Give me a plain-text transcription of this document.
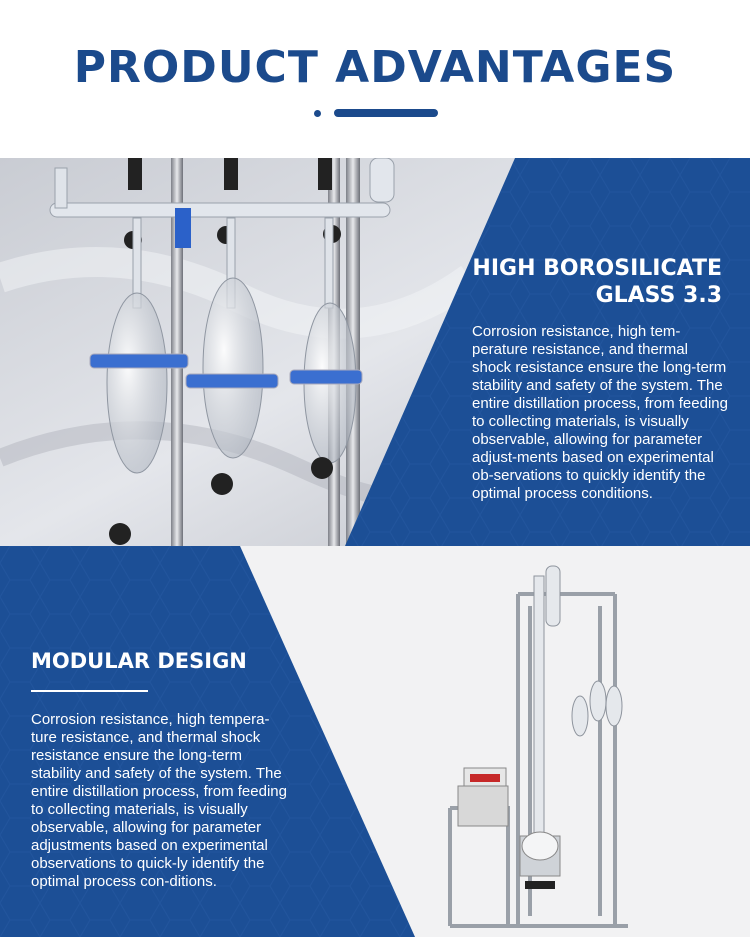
PRODUCT ADVANTAGES
HIGH BOROSILICATE
GLASS 3.3
Corrosion resistance, high tem-perature resistance, and thermal shock resistance ensure the long-term stability and safety of the system. The entire distillation process, from feeding to collecting materials, is visually observable, allowing for parameter adjust-ments based on experimental ob-servations to quickly identify the optimal process conditions.
MODULAR DESIGN
Corrosion resistance, high tempera-ture resistance, and thermal shock resistance ensure the long-term stability and safety of the system. The entire distillation process, from feeding to collecting materials, is visually observable, allowing for parameter adjustments based on experimental observations to quick-ly identify the optimal process con-ditions.
